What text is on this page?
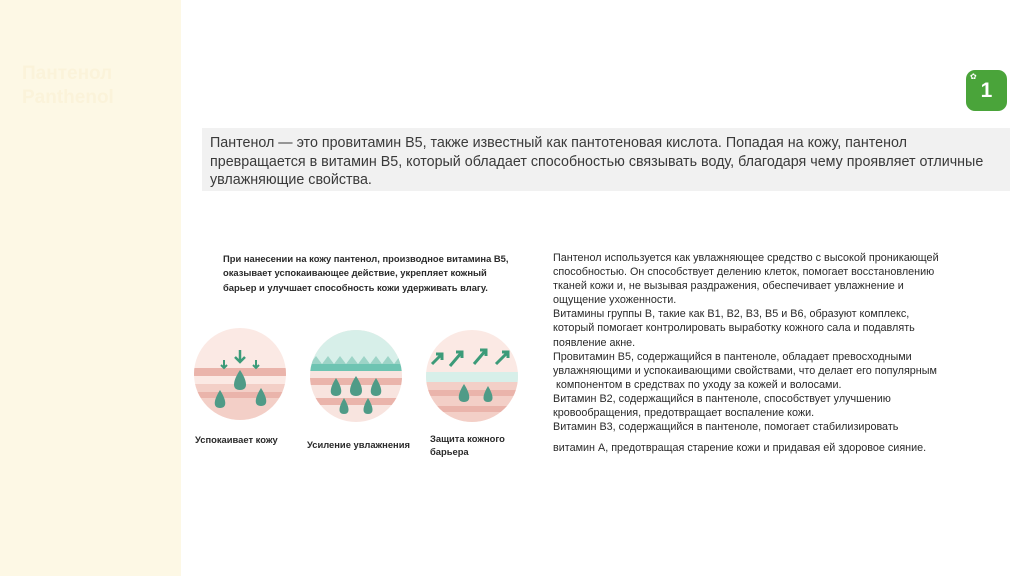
Пантенол
Panthenol
✿
1

Пантенол — это провитамин B5, также известный как пантотеновая кислота. Попадая на кожу, пантенол превращается в витамин B5, который обладает способностью связывать воду, благодаря чему проявляет отличные увлажняющие свойства.

При нанесении на кожу пантенол, производное витамина B5, оказывает успокаивающее действие, укрепляет кожный барьер и улучшает способность кожи удерживать влагу.
Успокаивает кожу	Усиление увлажнения
Защита кожного барьера
Пантенол используется как увлажняющее средство с высокой проникающей
способностью. Он способствует делению клеток, помогает восстановлению
тканей кожи и, не вызывая раздражения, обеспечивает увлажнение и
ощущение ухоженности.
Витамины группы В, такие как В1, В2, В3, В5 и В6, образуют комплекс,
который помогает контролировать выработку кожного сала и подавлять
появление акне.
Провитамин В5, содержащийся в пантеноле, обладает превосходными
увлажняющими и успокаивающими свойствами, что делает его популярным
компонентом в средствах по уходу за кожей и волосами.
Витамин В2, содержащийся в пантеноле, способствует улучшению
кровообращения, предотвращает воспаление кожи.
Витамин В3, содержащийся в пантеноле, помогает стабилизировать
витамин А, предотвращая старение кожи и придавая ей здоровое сияние.
